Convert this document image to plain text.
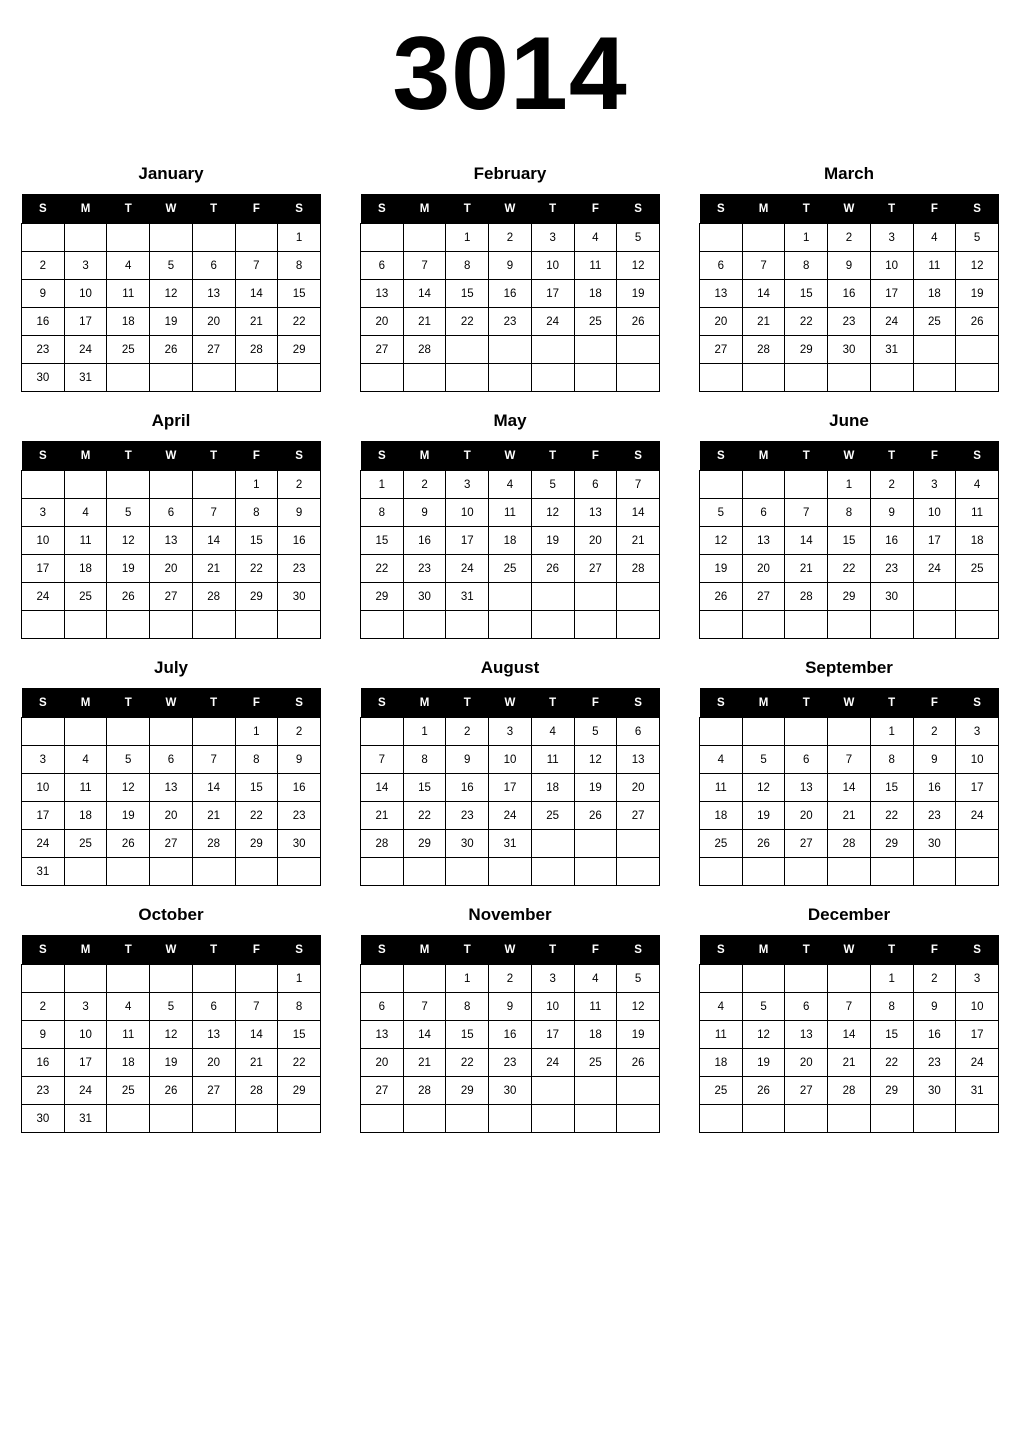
3014
January
S	M	T	W	T	F	S
						1
2	3	4	5	6	7	8
9	10	11	12	13	14	15
16	17	18	19	20	21	22
23	24	25	26	27	28	29
30	31					
February
S	M	T	W	T	F	S
		1	2	3	4	5
6	7	8	9	10	11	12
13	14	15	16	17	18	19
20	21	22	23	24	25	26
27	28					

March
S	M	T	W	T	F	S
		1	2	3	4	5
6	7	8	9	10	11	12
13	14	15	16	17	18	19
20	21	22	23	24	25	26
27	28	29	30	31		

April
S	M	T	W	T	F	S
					1	2
3	4	5	6	7	8	9
10	11	12	13	14	15	16
17	18	19	20	21	22	23
24	25	26	27	28	29	30

May
S	M	T	W	T	F	S
1	2	3	4	5	6	7
8	9	10	11	12	13	14
15	16	17	18	19	20	21
22	23	24	25	26	27	28
29	30	31				

June
S	M	T	W	T	F	S
			1	2	3	4
5	6	7	8	9	10	11
12	13	14	15	16	17	18
19	20	21	22	23	24	25
26	27	28	29	30		

July
S	M	T	W	T	F	S
					1	2
3	4	5	6	7	8	9
10	11	12	13	14	15	16
17	18	19	20	21	22	23
24	25	26	27	28	29	30
31						
August
S	M	T	W	T	F	S
	1	2	3	4	5	6
7	8	9	10	11	12	13
14	15	16	17	18	19	20
21	22	23	24	25	26	27
28	29	30	31			

September
S	M	T	W	T	F	S
				1	2	3
4	5	6	7	8	9	10
11	12	13	14	15	16	17
18	19	20	21	22	23	24
25	26	27	28	29	30	

October
S	M	T	W	T	F	S
						1
2	3	4	5	6	7	8
9	10	11	12	13	14	15
16	17	18	19	20	21	22
23	24	25	26	27	28	29
30	31					
November
S	M	T	W	T	F	S
		1	2	3	4	5
6	7	8	9	10	11	12
13	14	15	16	17	18	19
20	21	22	23	24	25	26
27	28	29	30			

December
S	M	T	W	T	F	S
				1	2	3
4	5	6	7	8	9	10
11	12	13	14	15	16	17
18	19	20	21	22	23	24
25	26	27	28	29	30	31
